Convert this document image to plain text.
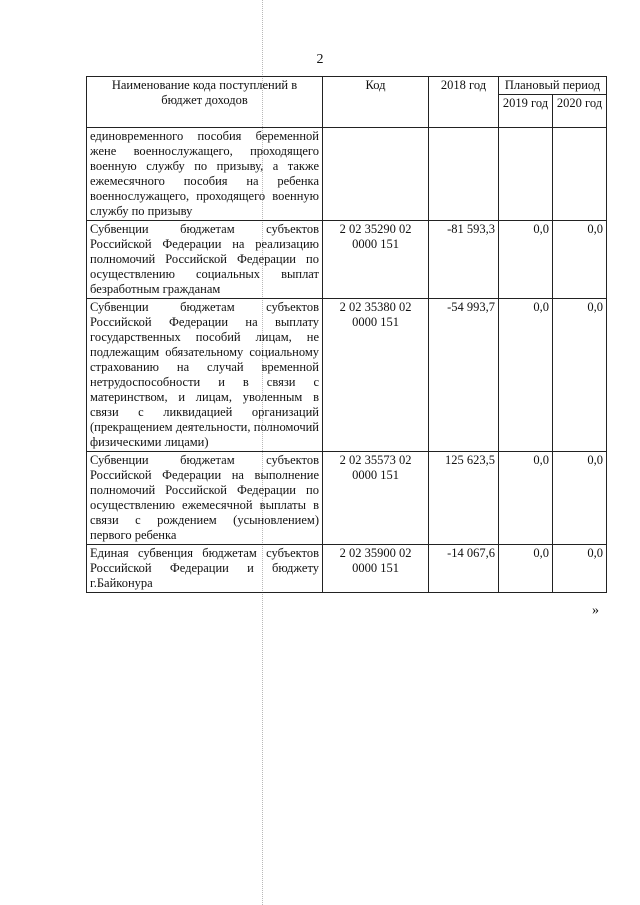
2
Наименование кода поступлений в бюджет доходов	Код	2018 год	Плановый период	
			2019 год	2020 год
единовременного пособия беременной жене военнослужащего, проходящего военную службу по призыву, а также ежемесячного пособия на ребенка военнослужащего, проходящего военную службу по призыву				
Субвенции бюджетам субъектов Российской Федерации на реализацию полномочий Российской Федерации по осуществлению социальных выплат безработным гражданам	2 02 35290 02 0000 151	-81 593,3	0,0	0,0
Субвенции бюджетам субъектов Российской Федерации на выплату государственных пособий лицам, не подлежащим обязательному социальному страхованию на случай временной нетрудоспособности и в связи с материнством, и лицам, уволенным в связи с ликвидацией организаций (прекращением деятельности, полномочий физическими лицами)	2 02 35380 02 0000 151	-54 993,7	0,0	0,0
Субвенции бюджетам субъектов Российской Федерации на выполнение полномочий Российской Федерации по осуществлению ежемесячной выплаты в связи с рождением (усыновлением) первого ребенка	2 02 35573 02 0000 151	125 623,5	0,0	0,0
Единая субвенция бюджетам субъектов Российской Федерации и бюджету г.Байконура	2 02 35900 02 0000 151	-14 067,6	0,0	0,0
»
